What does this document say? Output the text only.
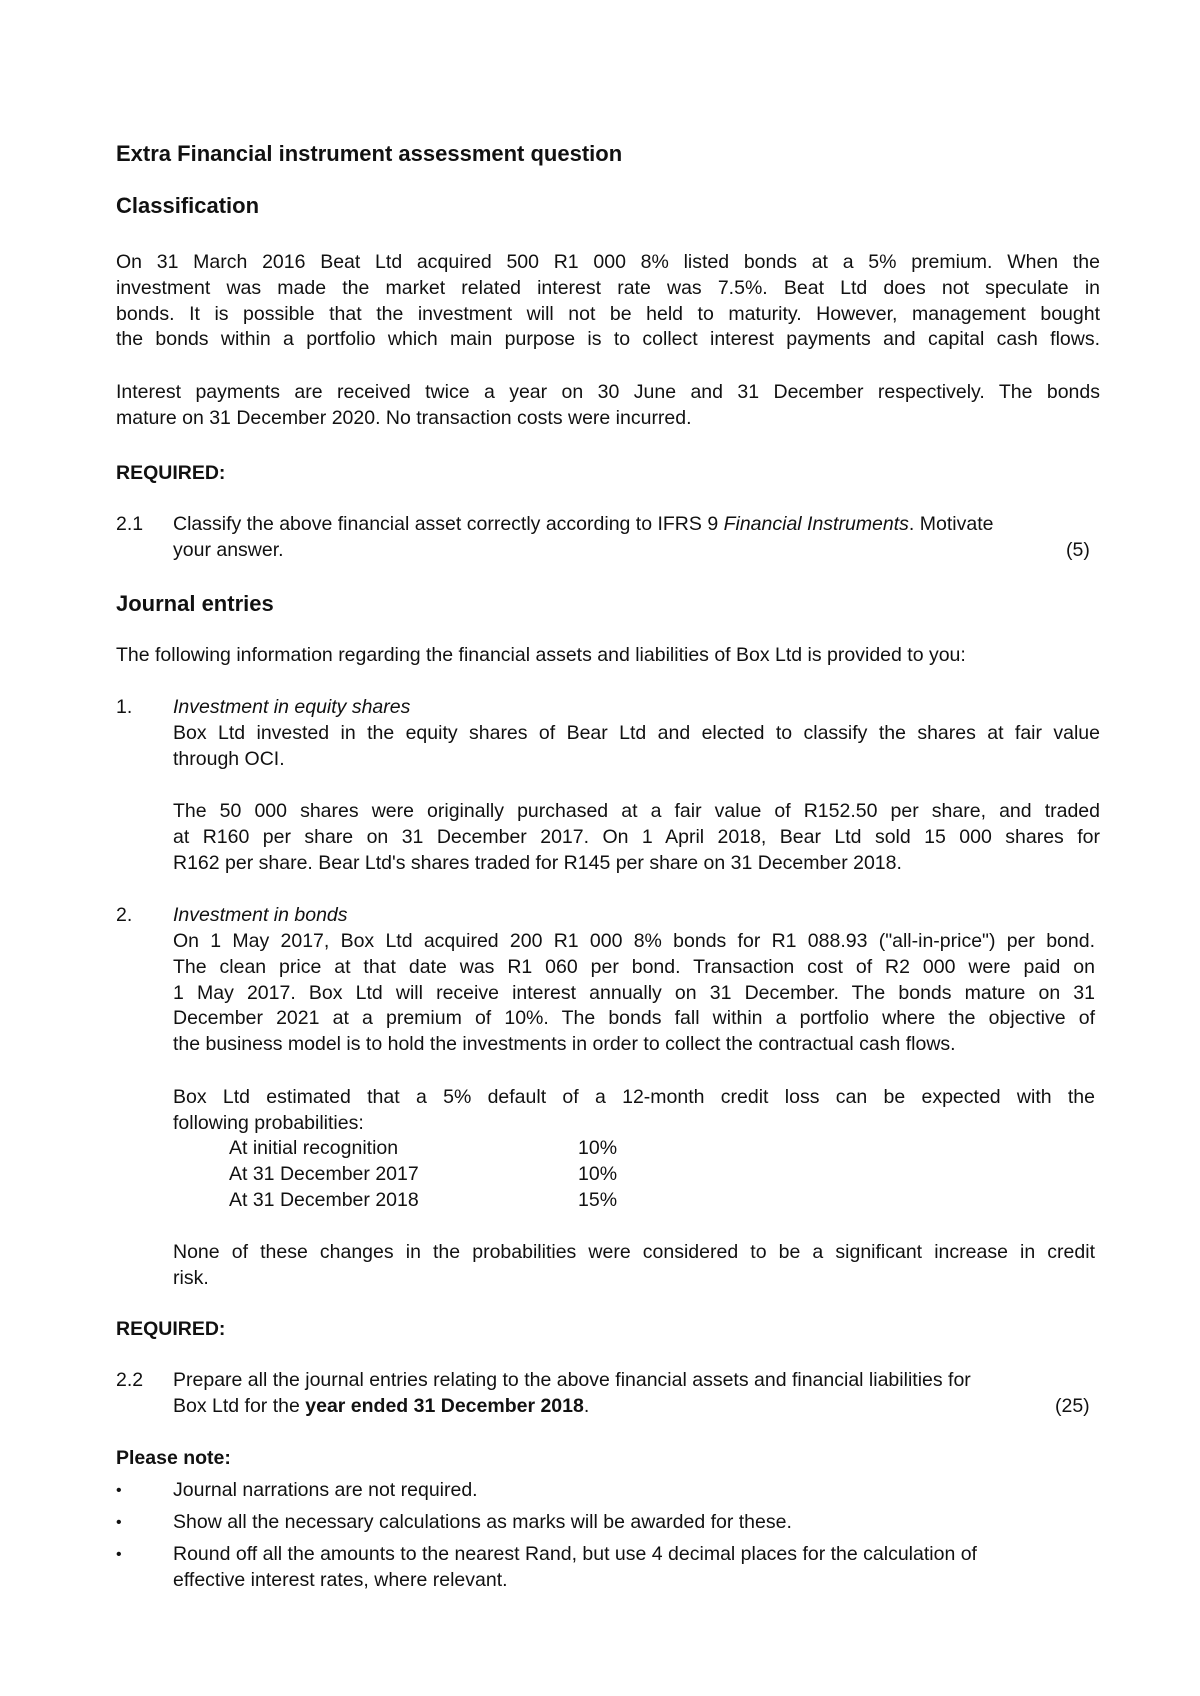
Extra Financial instrument assessment question
Classification
On 31 March 2016 Beat Ltd acquired 500 R1 000 8% listed bonds at a 5% premium. When the
investment was made the market related interest rate was 7.5%. Beat Ltd does not speculate in
bonds. It is possible that the investment will not be held to maturity. However, management bought
the bonds within a portfolio which main purpose is to collect interest payments and capital cash flows.
Interest payments are received twice a year on 30 June and 31 December respectively. The bonds
mature on 31 December 2020. No transaction costs were incurred.
REQUIRED:
2.1 Classify the above financial asset correctly according to IFRS 9 Financial Instruments. Motivate
your answer.	(5)
Journal entries
The following information regarding the financial assets and liabilities of Box Ltd is provided to you:
1. Investment in equity shares
Box Ltd invested in the equity shares of Bear Ltd and elected to classify the shares at fair value
through OCI.
The 50 000 shares were originally purchased at a fair value of R152.50 per share, and traded
at R160 per share on 31 December 2017. On 1 April 2018, Bear Ltd sold 15 000 shares for
R162 per share. Bear Ltd's shares traded for R145 per share on 31 December 2018.
2. Investment in bonds
On 1 May 2017, Box Ltd acquired 200 R1 000 8% bonds for R1 088.93 ("all-in-price") per bond.
The clean price at that date was R1 060 per bond. Transaction cost of R2 000 were paid on
1 May 2017. Box Ltd will receive interest annually on 31 December. The bonds mature on 31
December 2021 at a premium of 10%. The bonds fall within a portfolio where the objective of
the business model is to hold the investments in order to collect the contractual cash flows.
Box Ltd estimated that a 5% default of a 12-month credit loss can be expected with the
following probabilities:
At initial recognition	10%
At 31 December 2017	10%
At 31 December 2018	15%
None of these changes in the probabilities were considered to be a significant increase in credit
risk.
REQUIRED:
2.2 Prepare all the journal entries relating to the above financial assets and financial liabilities for
Box Ltd for the year ended 31 December 2018.	(25)
Please note:
•	Journal narrations are not required.
•	Show all the necessary calculations as marks will be awarded for these.
•	Round off all the amounts to the nearest Rand, but use 4 decimal places for the calculation of
effective interest rates, where relevant.
